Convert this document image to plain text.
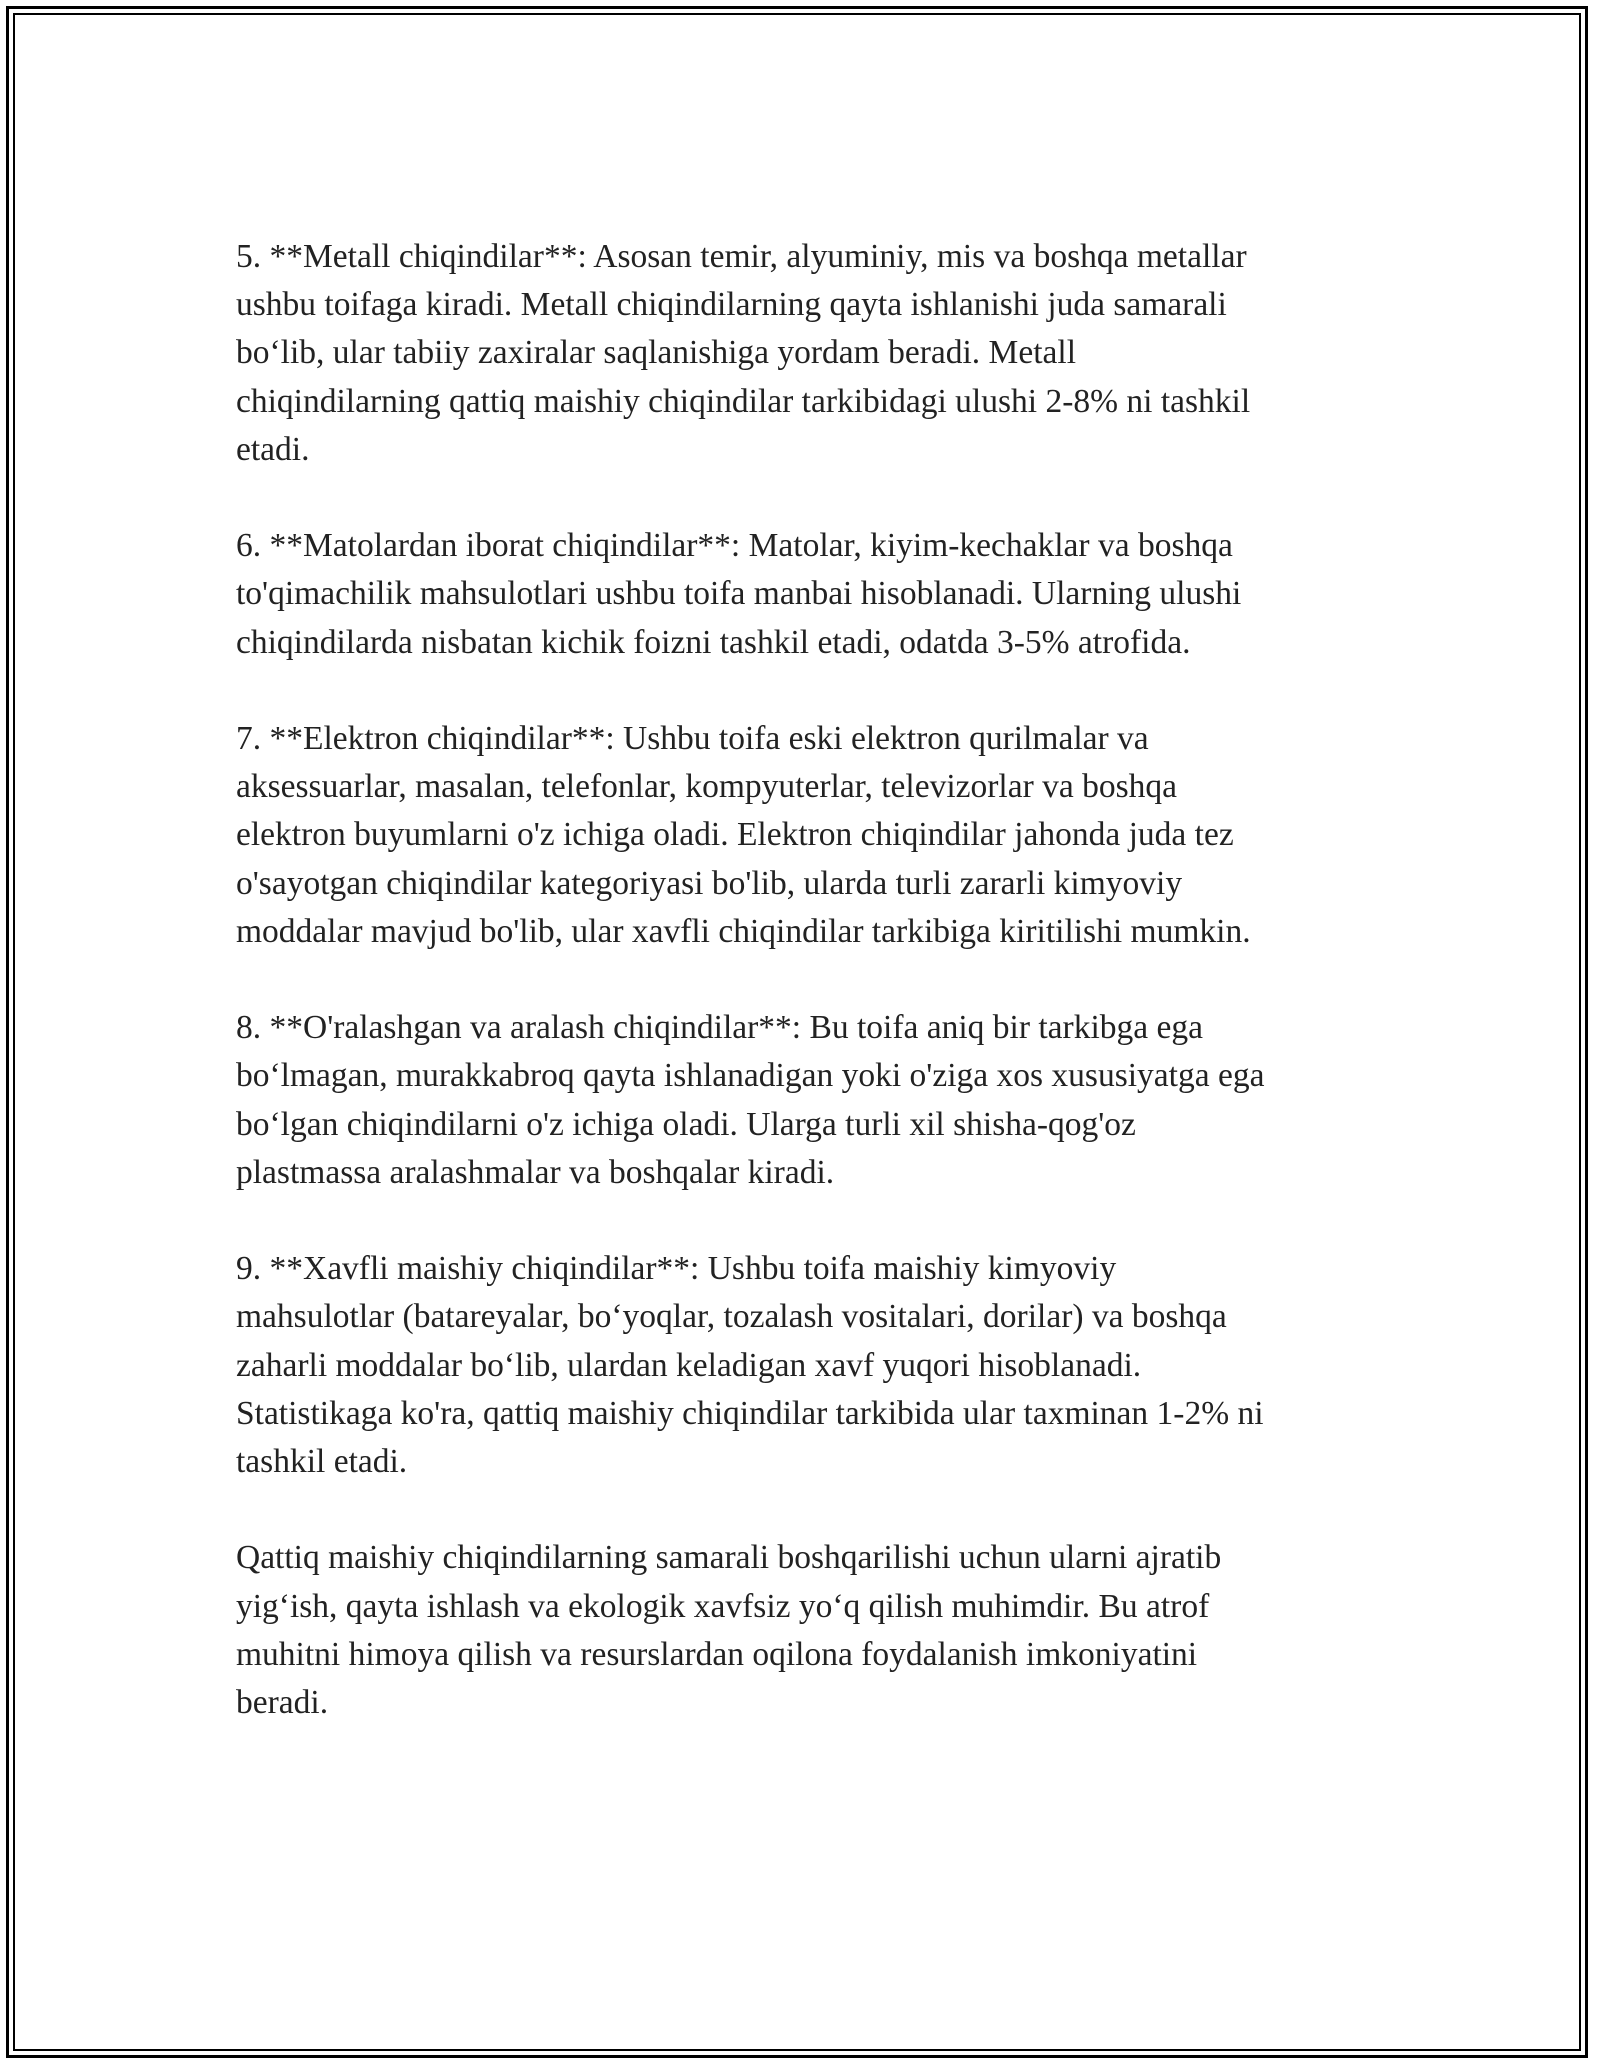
5. **Metall chiqindilar**: Asosan temir, alyuminiy, mis va boshqa metallar
ushbu toifaga kiradi. Metall chiqindilarning qayta ishlanishi juda samarali
bo‘lib, ular tabiiy zaxiralar saqlanishiga yordam beradi. Metall
chiqindilarning qattiq maishiy chiqindilar tarkibidagi ulushi 2-8% ni tashkil
etadi.

6. **Matolardan iborat chiqindilar**: Matolar, kiyim-kechaklar va boshqa
to'qimachilik mahsulotlari ushbu toifa manbai hisoblanadi. Ularning ulushi
chiqindilarda nisbatan kichik foizni tashkil etadi, odatda 3-5% atrofida.

7. **Elektron chiqindilar**: Ushbu toifa eski elektron qurilmalar va
aksessuarlar, masalan, telefonlar, kompyuterlar, televizorlar va boshqa
elektron buyumlarni o'z ichiga oladi. Elektron chiqindilar jahonda juda tez
o'sayotgan chiqindilar kategoriyasi bo'lib, ularda turli zararli kimyoviy
moddalar mavjud bo'lib, ular xavfli chiqindilar tarkibiga kiritilishi mumkin.

8. **O'ralashgan va aralash chiqindilar**: Bu toifa aniq bir tarkibga ega
bo‘lmagan, murakkabroq qayta ishlanadigan yoki o'ziga xos xususiyatga ega
bo‘lgan chiqindilarni o'z ichiga oladi. Ularga turli xil shisha-qog'oz
plastmassa aralashmalar va boshqalar kiradi.

9. **Xavfli maishiy chiqindilar**: Ushbu toifa maishiy kimyoviy
mahsulotlar (batareyalar, bo‘yoqlar, tozalash vositalari, dorilar) va boshqa
zaharli moddalar bo‘lib, ulardan keladigan xavf yuqori hisoblanadi.
Statistikaga ko'ra, qattiq maishiy chiqindilar tarkibida ular taxminan 1-2% ni
tashkil etadi.

Qattiq maishiy chiqindilarning samarali boshqarilishi uchun ularni ajratib
yig‘ish, qayta ishlash va ekologik xavfsiz yo‘q qilish muhimdir. Bu atrof
muhitni himoya qilish va resurslardan oqilona foydalanish imkoniyatini
beradi.
